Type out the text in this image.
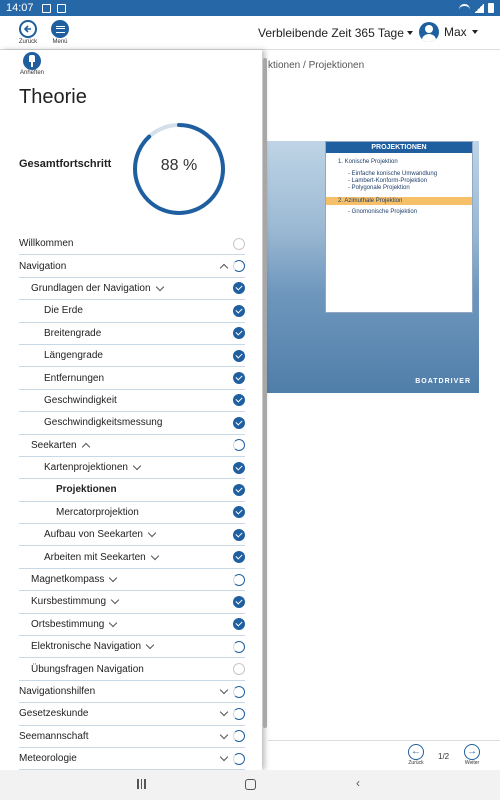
14:07
Zurück	Menü
Verbleibende Zeit 365 Tage	Max
ktionen / Projektionen
PROJEKTIONEN
1. Konische Projektion
- Einfache konische Umwandlung
- Lambert-Konform-Projektion
- Polygonale Projektion
2. Azimuthale Projektion
- Gnomonische Projektion
BOATDRIVER
←
Zurück
1/2	→
Weiter
Anheften
Theorie
Gesamtfortschritt	88 %
Willkommen
Navigation
Grundlagen der Navigation
Die Erde
Breitengrade
Längengrade
Entfernungen
Geschwindigkeit
Geschwindigkeitsmessung
Seekarten
Kartenprojektionen
Projektionen
Mercatorprojektion
Aufbau von Seekarten
Arbeiten mit Seekarten
Magnetkompass
Kursbestimmung
Ortsbestimmung
Elektronische Navigation
Übungsfragen Navigation
Navigationshilfen
Gesetzeskunde
Seemannschaft
Meteorologie
‹
